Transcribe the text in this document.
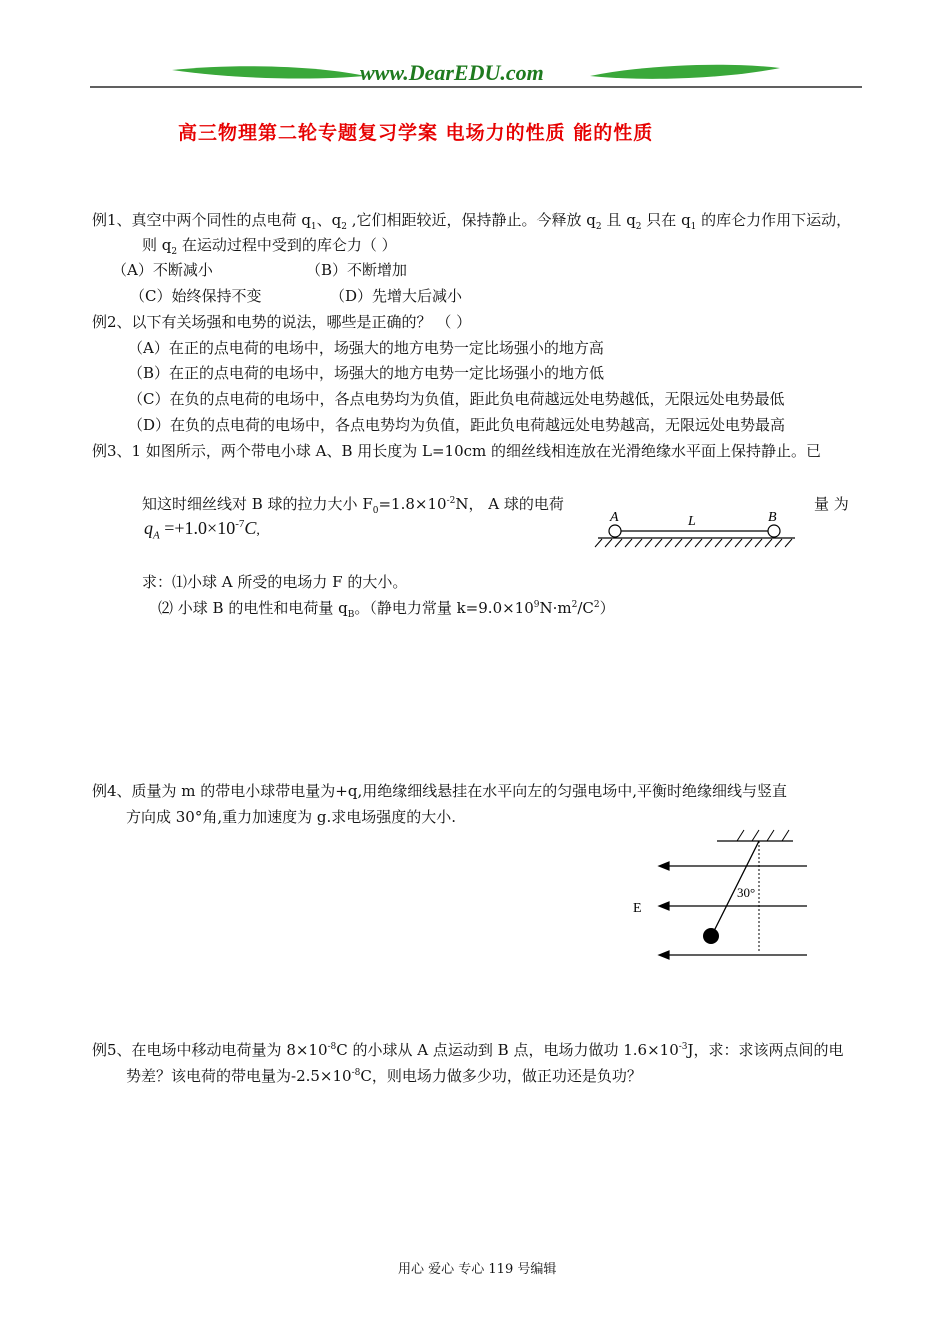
www.DearEDU.com
高三物理第二轮专题复习学案 电场力的性质 能的性质
例1、真空中两个同性的点电荷 $q_1$、$q_2$ ,它们相距较近，保持静止。今释放 $q_2$ 且 $q_2$ 只在 $q_1$ 的库仑力作用下运动，
则 $q_2$ 在运动过程中受到的库仑力（ ）
（A）不断减小	（B）不断增加
（C）始终保持不变	（D）先增大后减小
例2、以下有关场强和电势的说法，哪些是正确的？ （ ）
（A）在正的点电荷的电场中，场强大的地方电势一定比场强小的地方高
（B）在正的点电荷的电场中，场强大的地方电势一定比场强小的地方低
（C）在负的点电荷的电场中，各点电势均为负值，距此负电荷越远处电势越低，无限远处电势最低
（D）在负的点电荷的电场中，各点电势均为负值，距此负电荷越远处电势越高，无限远处电势最高
例3、1 如图所示，两个带电小球 A、B 用长度为 L=10cm 的细丝线相连放在光滑绝缘水平面上保持静止。已
知这时细丝线对 B 球的拉力大小 $F_0=1.8\times 10^{-2}N$， A 球的电荷	量 为
$q_A =+1.0\times 10^{-7}C$,
A	L	B
求：⑴小球 A 所受的电场力 F 的大小。
⑵ 小球 B 的电性和电荷量 $q_B$。（静电力常量 $k=9.0\times 10^9N\cdot m^2/C^2$）
例4、质量为 m 的带电小球带电量为+q,用绝缘细线悬挂在水平向左的匀强电场中,平衡时绝缘细线与竖直
方向成 30°角,重力加速度为 g.求电场强度的大小.
30°
E
例5、在电场中移动电荷量为 $8\times 10^{-8}C$ 的小球从 A 点运动到 B 点，电场力做功 $1.6\times 10^{-3}J$，求：求该两点间的电
势差？该电荷的带电量为$-2.5\times 10^{-8}C$，则电场力做多少功，做正功还是负功？
用心 爱心 专心 119 号编辑
